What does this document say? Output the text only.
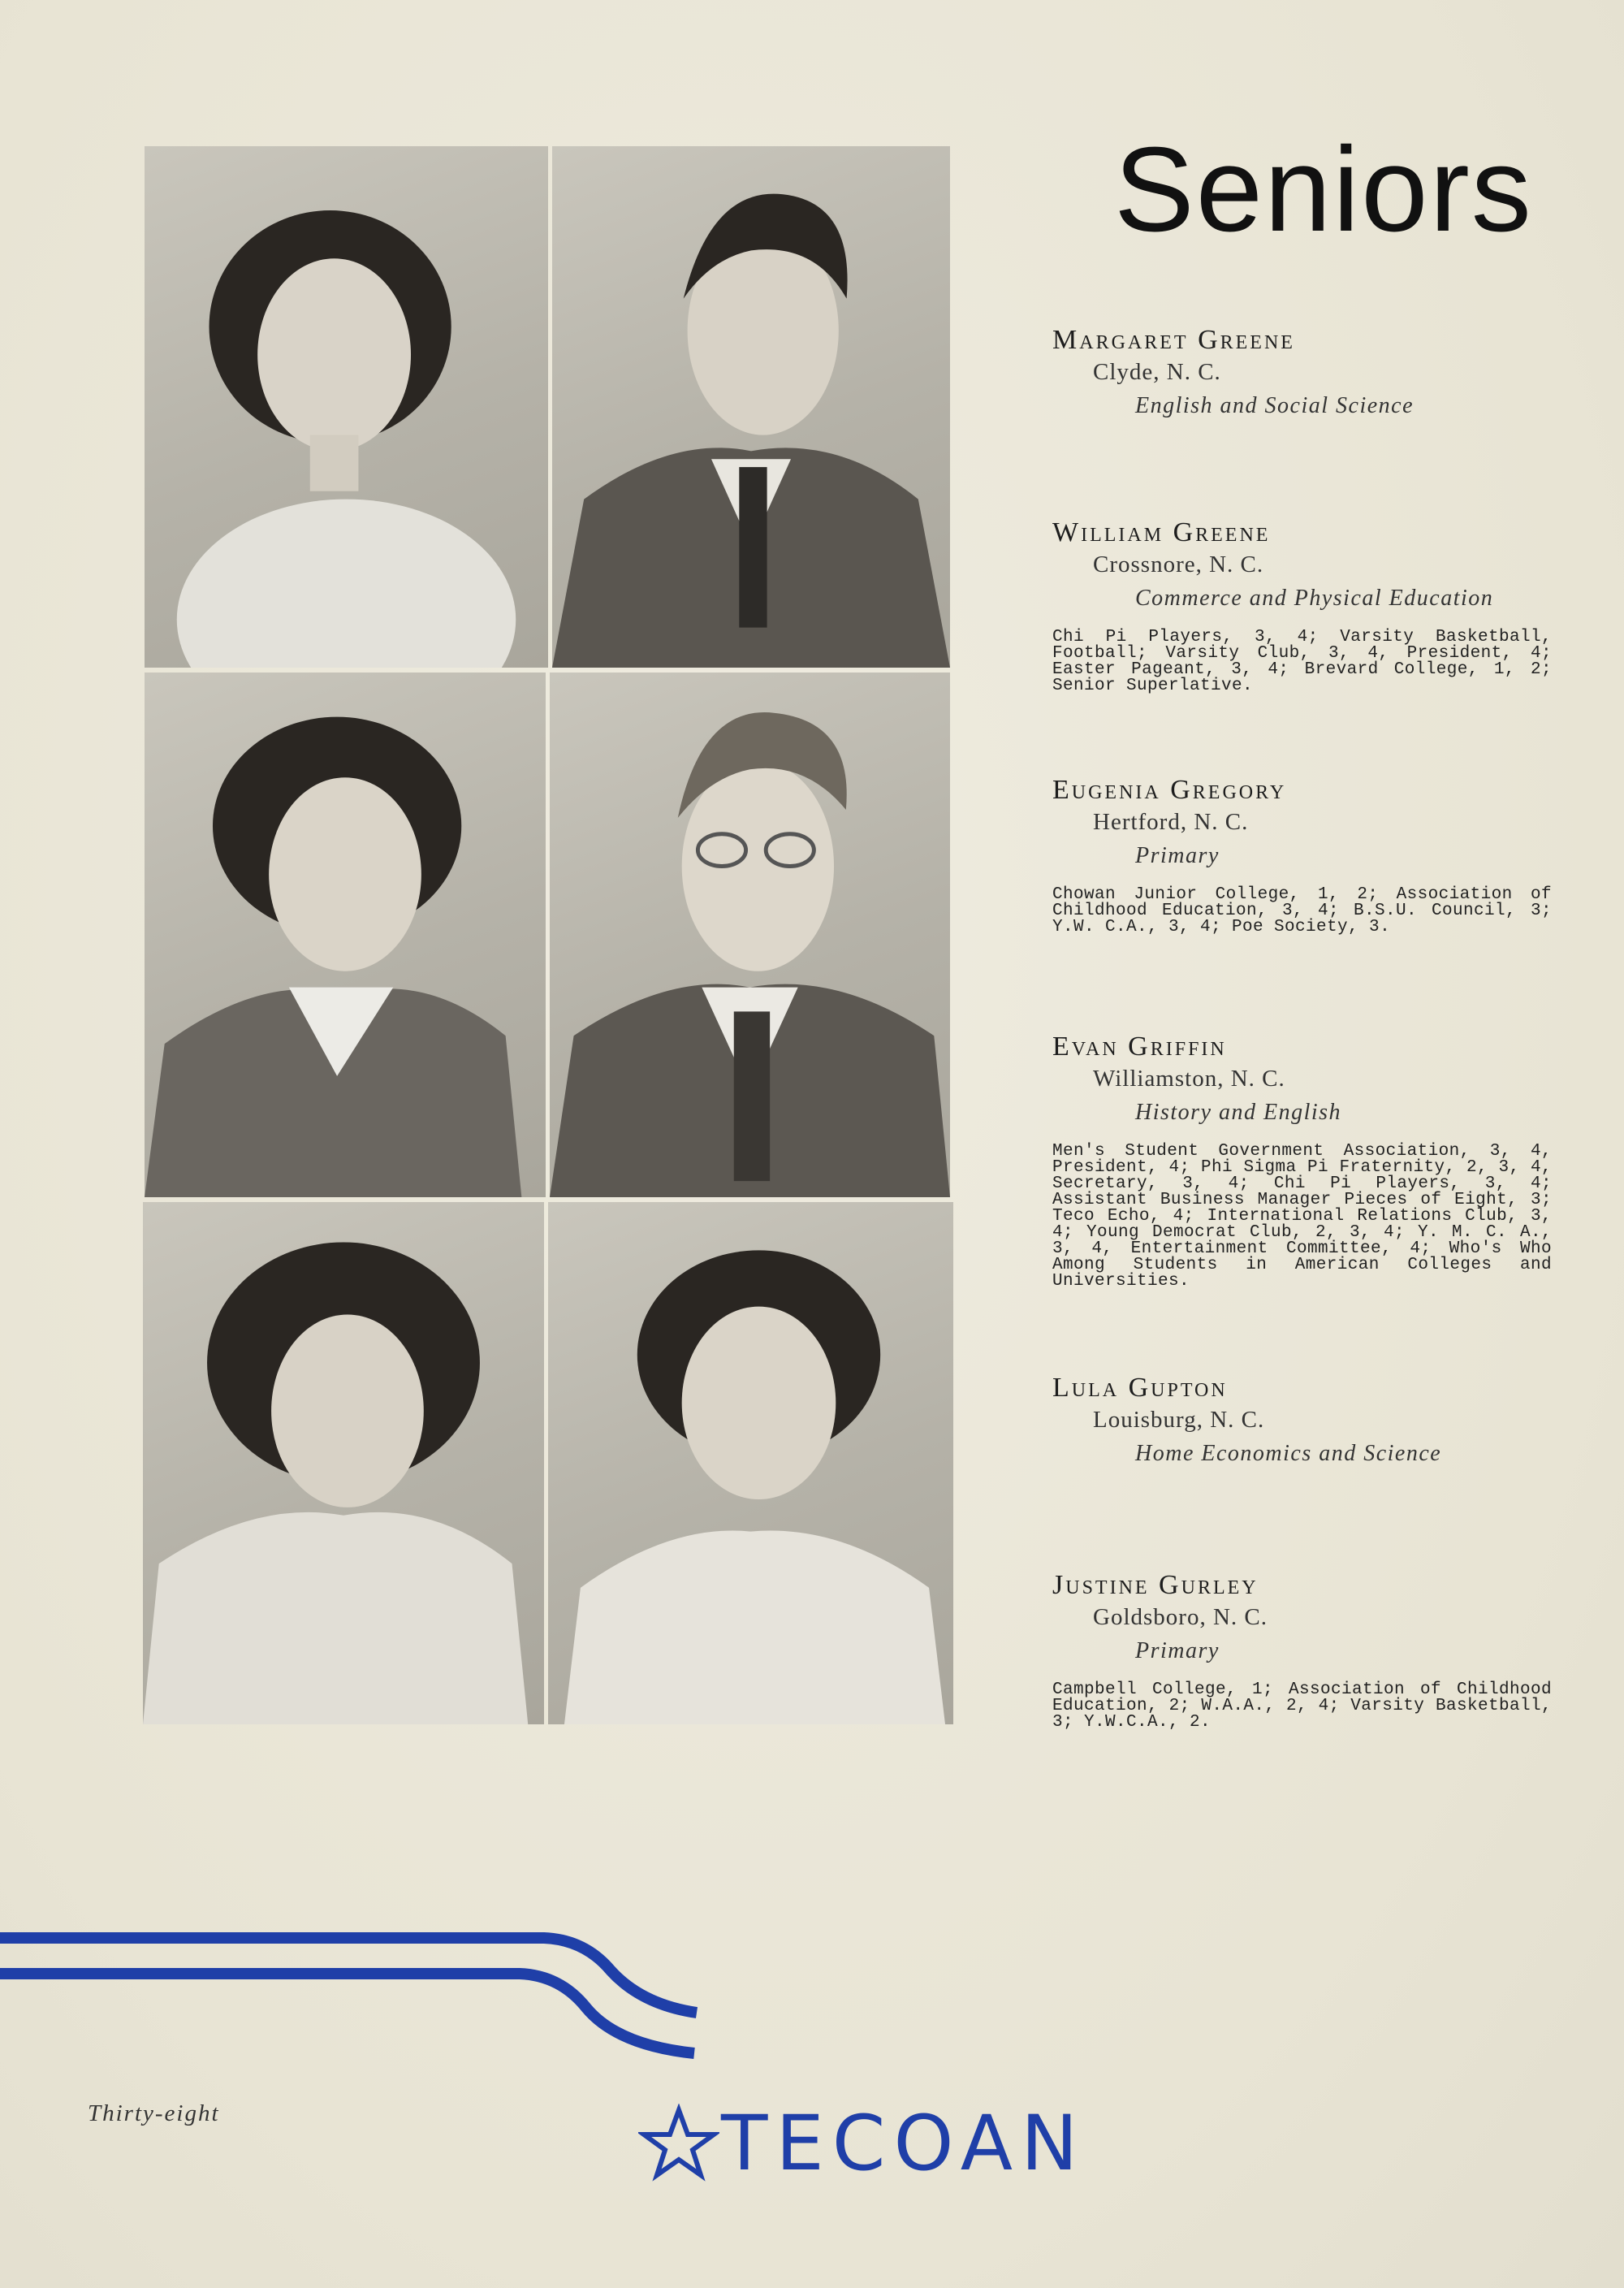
Seniors
Margaret Greene
Clyde, N. C.
English and Social Science
William Greene
Crossnore, N. C.
Commerce and Physical Education
Chi Pi Players, 3, 4; Varsity Basketball, Football; Varsity Club, 3, 4, President, 4; Easter Pageant, 3, 4; Brevard College, 1, 2; Senior Superlative.
Eugenia Gregory
Hertford, N. C.
Primary
Chowan Junior College, 1, 2; Association of Childhood Education, 3, 4; B.S.U. Council, 3; Y.W. C.A., 3, 4; Poe Society, 3.
Evan Griffin
Williamston, N. C.
History and English
Men's Student Government Association, 3, 4, President, 4; Phi Sigma Pi Fraternity, 2, 3, 4, Secretary, 3, 4; Chi Pi Players, 3, 4; Assistant Business Manager Pieces of Eight, 3; Teco Echo, 4; International Relations Club, 3, 4; Young Democrat Club, 2, 3, 4; Y. M. C. A., 3, 4, Entertainment Committee, 4; Who's Who Among Students in American Colleges and Universities.
Lula Gupton
Louisburg, N. C.
Home Economics and Science
Justine Gurley
Goldsboro, N. C.
Primary
Campbell College, 1; Association of Childhood Education, 2; W.A.A., 2, 4; Varsity Basketball, 3; Y.W.C.A., 2.
Thirty-eight	TECOAN
